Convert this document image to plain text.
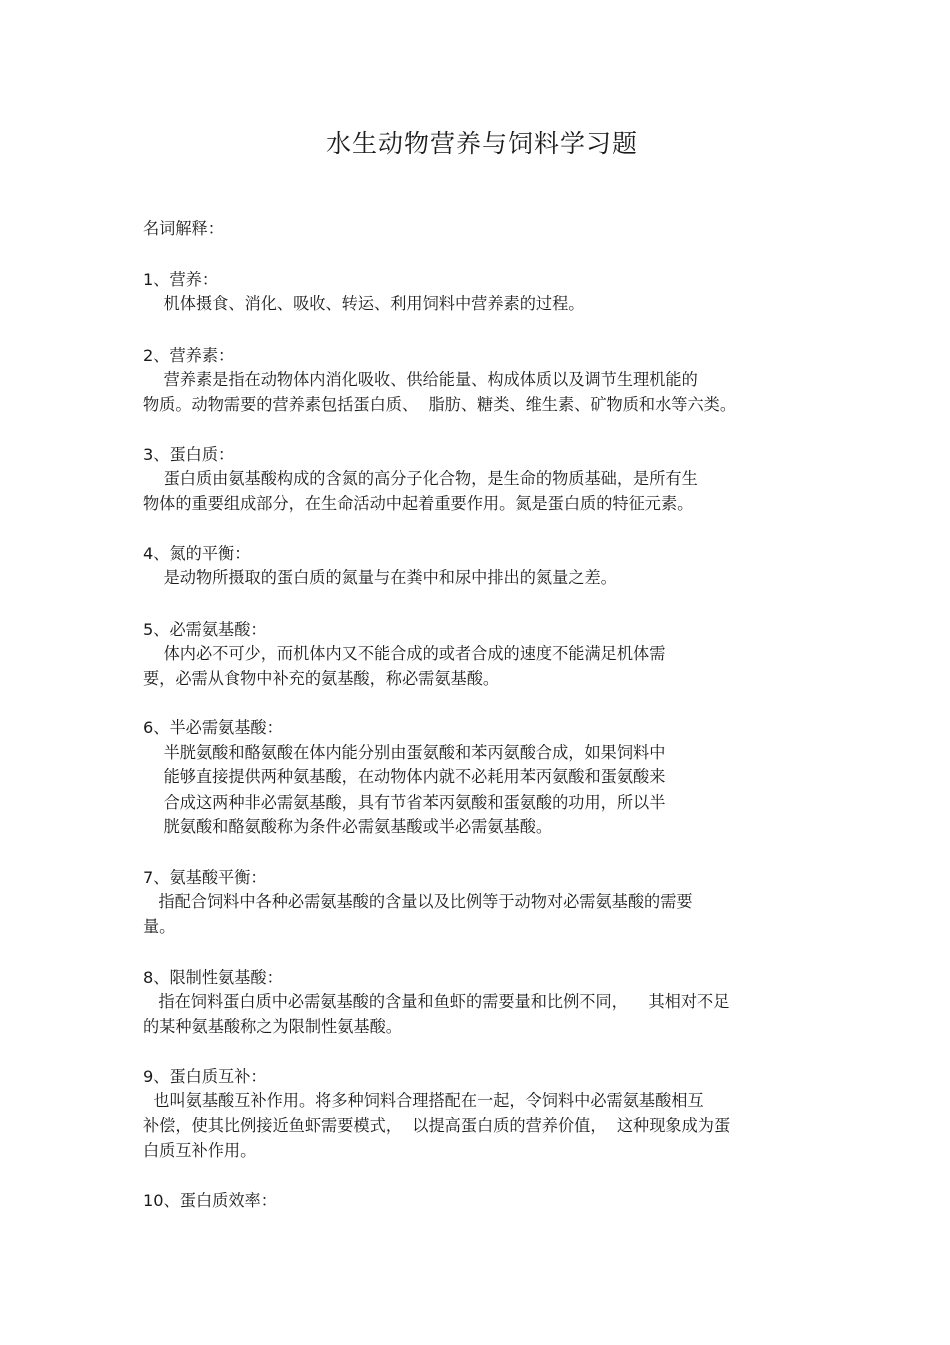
水生动物营养与饲料学习题
名词解释：
1、营养：
机体摄食、消化、吸收、转运、利用饲料中营养素的过程。
2、营养素：
营养素是指在动物体内消化吸收、供给能量、构成体质以及调节生理机能的
物质。动物需要的营养素包括蛋白质、  脂肪、糖类、维生素、矿物质和水等六类。
3、蛋白质：
蛋白质由氨基酸构成的含氮的高分子化合物，是生命的物质基础，是所有生
物体的重要组成部分，在生命活动中起着重要作用。氮是蛋白质的特征元素。
4、氮的平衡：
是动物所摄取的蛋白质的氮量与在粪中和尿中排出的氮量之差。
5、必需氨基酸：
体内必不可少，而机体内又不能合成的或者合成的速度不能满足机体需
要，必需从食物中补充的氨基酸，称必需氨基酸。
6、半必需氨基酸：
半胱氨酸和酪氨酸在体内能分别由蛋氨酸和苯丙氨酸合成，如果饲料中
能够直接提供两种氨基酸，在动物体内就不必耗用苯丙氨酸和蛋氨酸来
合成这两种非必需氨基酸，具有节省苯丙氨酸和蛋氨酸的功用，所以半
胱氨酸和酪氨酸称为条件必需氨基酸或半必需氨基酸。
7、氨基酸平衡：
指配合饲料中各种必需氨基酸的含量以及比例等于动物对必需氨基酸的需要
量。
8、限制性氨基酸：
指在饲料蛋白质中必需氨基酸的含量和鱼虾的需要量和比例不同，    其相对不足
的某种氨基酸称之为限制性氨基酸。
9、蛋白质互补：
也叫氨基酸互补作用。将多种饲料合理搭配在一起，令饲料中必需氨基酸相互
补偿，使其比例接近鱼虾需要模式，  以提高蛋白质的营养价值，  这种现象成为蛋
白质互补作用。
10、蛋白质效率：
